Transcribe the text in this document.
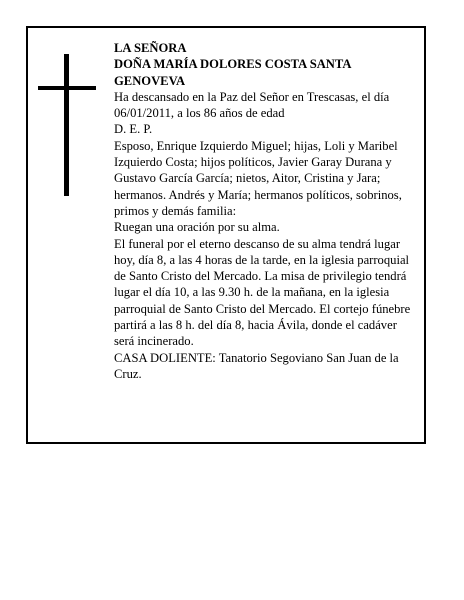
LA SEÑORA

DOÑA MARÍA DOLORES COSTA SANTA GENOVEVA

Ha descansado en la Paz del Señor en Trescasas, el día 06/01/2011, a los 86 años de edad

D. E. P.

Esposo, Enrique Izquierdo Miguel; hijas, Loli y Maribel Izquierdo Costa; hijos políticos, Javier Garay Durana y Gustavo García García; nietos, Aitor, Cristina y Jara; hermanos. Andrés y María; hermanos políticos, sobrinos, primos y demás familia:

Ruegan una oración por su alma.

El funeral por el eterno descanso de su alma tendrá lugar hoy, día 8, a las 4 horas de la tarde, en la iglesia parroquial de Santo Cristo del Mercado. La misa de privilegio tendrá lugar el día 10, a las 9.30 h. de la mañana, en la iglesia parroquial de Santo Cristo del Mercado. El cortejo fúnebre partirá a las 8 h. del día 8, hacia Ávila, donde el cadáver será incinerado.

CASA DOLIENTE: Tanatorio Segoviano San Juan de la Cruz.
